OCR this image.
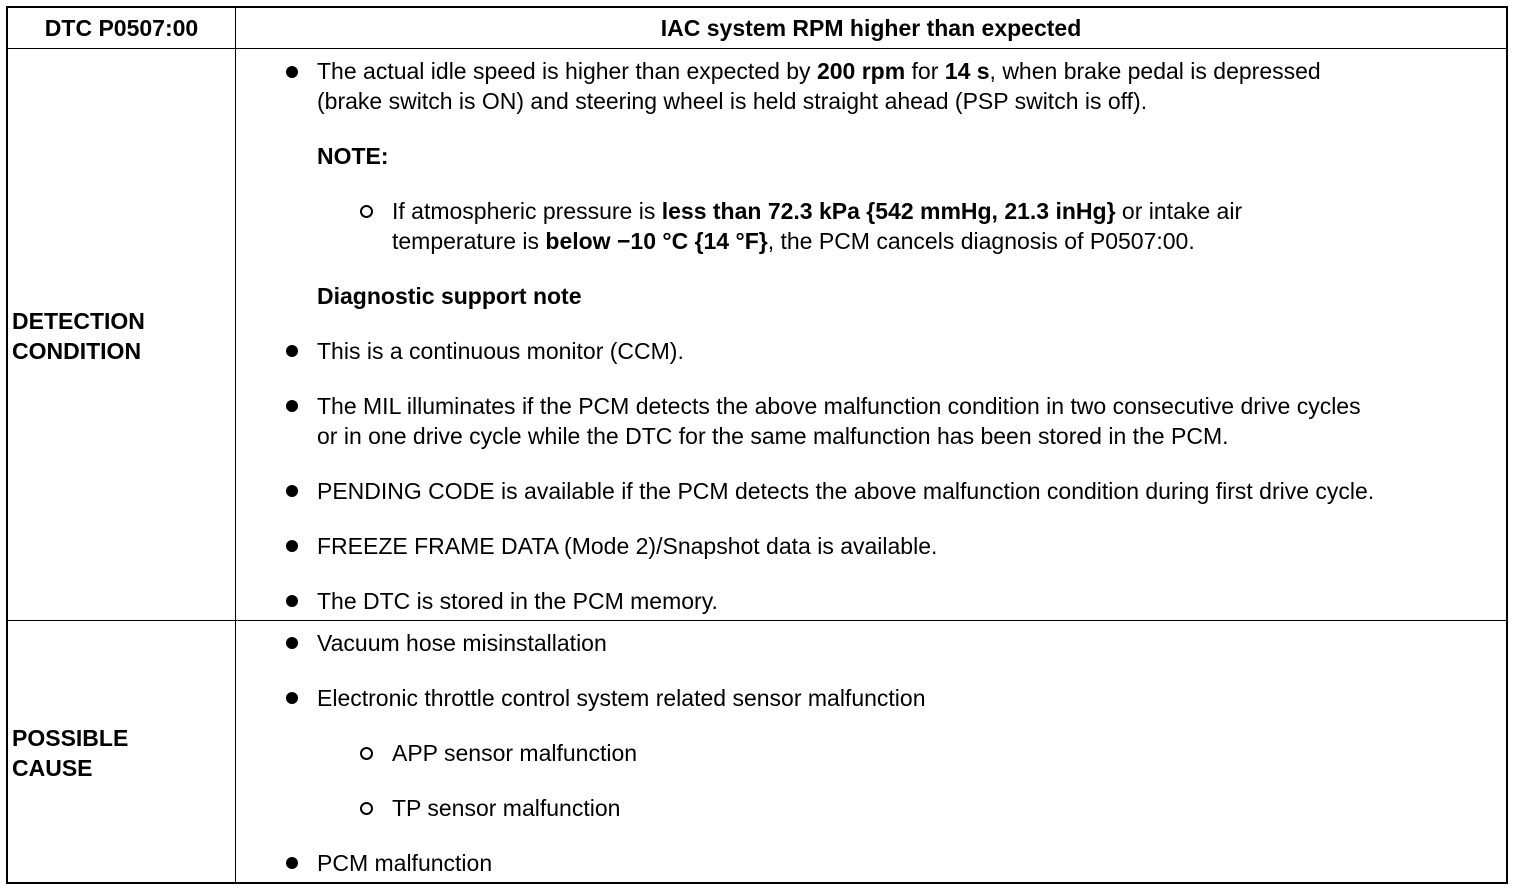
DTC P0507:00	IAC system RPM higher than expected
DETECTION
CONDITION
The actual idle speed is higher than expected by 200 rpm for 14 s, when brake pedal is depressed
(brake switch is ON) and steering wheel is held straight ahead (PSP switch is off).
NOTE:
If atmospheric pressure is less than 72.3 kPa {542 mmHg, 21.3 inHg} or intake air
temperature is below −10 °C {14 °F}, the PCM cancels diagnosis of P0507:00.
Diagnostic support note
This is a continuous monitor (CCM).
The MIL illuminates if the PCM detects the above malfunction condition in two consecutive drive cycles
or in one drive cycle while the DTC for the same malfunction has been stored in the PCM.
PENDING CODE is available if the PCM detects the above malfunction condition during first drive cycle.
FREEZE FRAME DATA (Mode 2)/Snapshot data is available.
The DTC is stored in the PCM memory.
POSSIBLE
CAUSE
Vacuum hose misinstallation
Electronic throttle control system related sensor malfunction
APP sensor malfunction
TP sensor malfunction
PCM malfunction
